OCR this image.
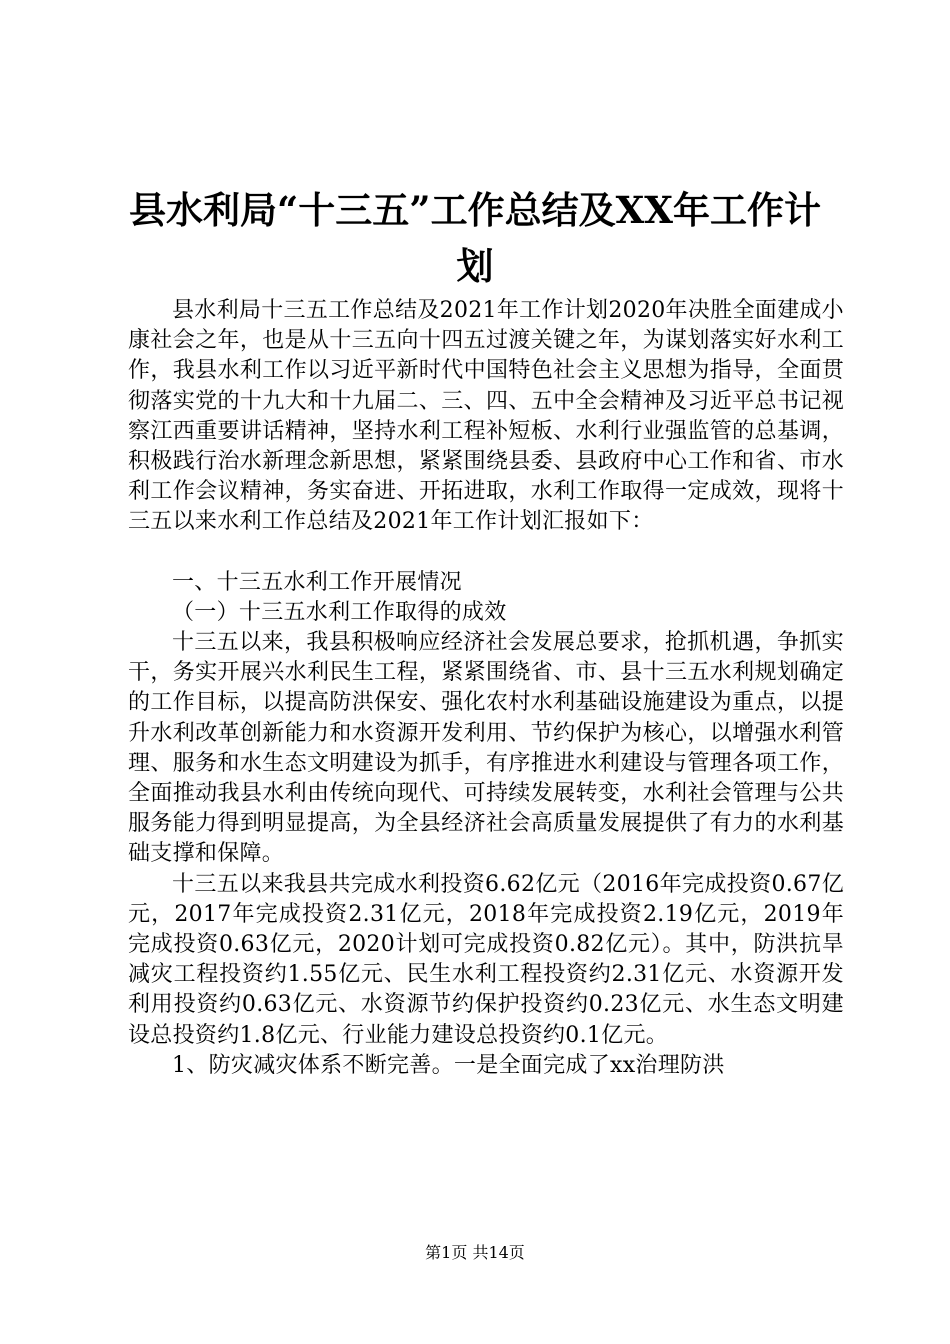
县水利局“十三五”工作总结及XX年工作计
划

县水利局十三五工作总结及2021年工作计划2020年决胜全面建成小康社会之年，也是从十三五向十四五过渡关键之年，为谋划落实好水利工作，我县水利工作以习近平新时代中国特色社会主义思想为指导，全面贯彻落实党的十九大和十九届二、三、四、五中全会精神及习近平总书记视察江西重要讲话精神，坚持水利工程补短板、水利行业强监管的总基调，积极践行治水新理念新思想，紧紧围绕县委、县政府中心工作和省、市水利工作会议精神，务实奋进、开拓进取，水利工作取得一定成效，现将十三五以来水利工作总结及2021年工作计划汇报如下：

一、十三五水利工作开展情况

（一）十三五水利工作取得的成效

十三五以来，我县积极响应经济社会发展总要求，抢抓机遇，争抓实干，务实开展兴水利民生工程，紧紧围绕省、市、县十三五水利规划确定的工作目标，以提高防洪保安、强化农村水利基础设施建设为重点，以提升水利改革创新能力和水资源开发利用、节约保护为核心，以增强水利管理、服务和水生态文明建设为抓手，有序推进水利建设与管理各项工作，全面推动我县水利由传统向现代、可持续发展转变，水利社会管理与公共服务能力得到明显提高，为全县经济社会高质量发展提供了有力的水利基础支撑和保障。

十三五以来我县共完成水利投资6.62亿元（2016年完成投资0.67亿元，2017年完成投资2.31亿元，2018年完成投资2.19亿元，2019年完成投资0.63亿元，2020计划可完成投资0.82亿元）。其中，防洪抗旱减灾工程投资约1.55亿元、民生水利工程投资约2.31亿元、水资源开发利用投资约0.63亿元、水资源节约保护投资约0.23亿元、水生态文明建设总投资约1.8亿元、行业能力建设总投资约0.1亿元。

1、防灾减灾体系不断完善。一是全面完成了xx治理防洪

第1页 共14页
